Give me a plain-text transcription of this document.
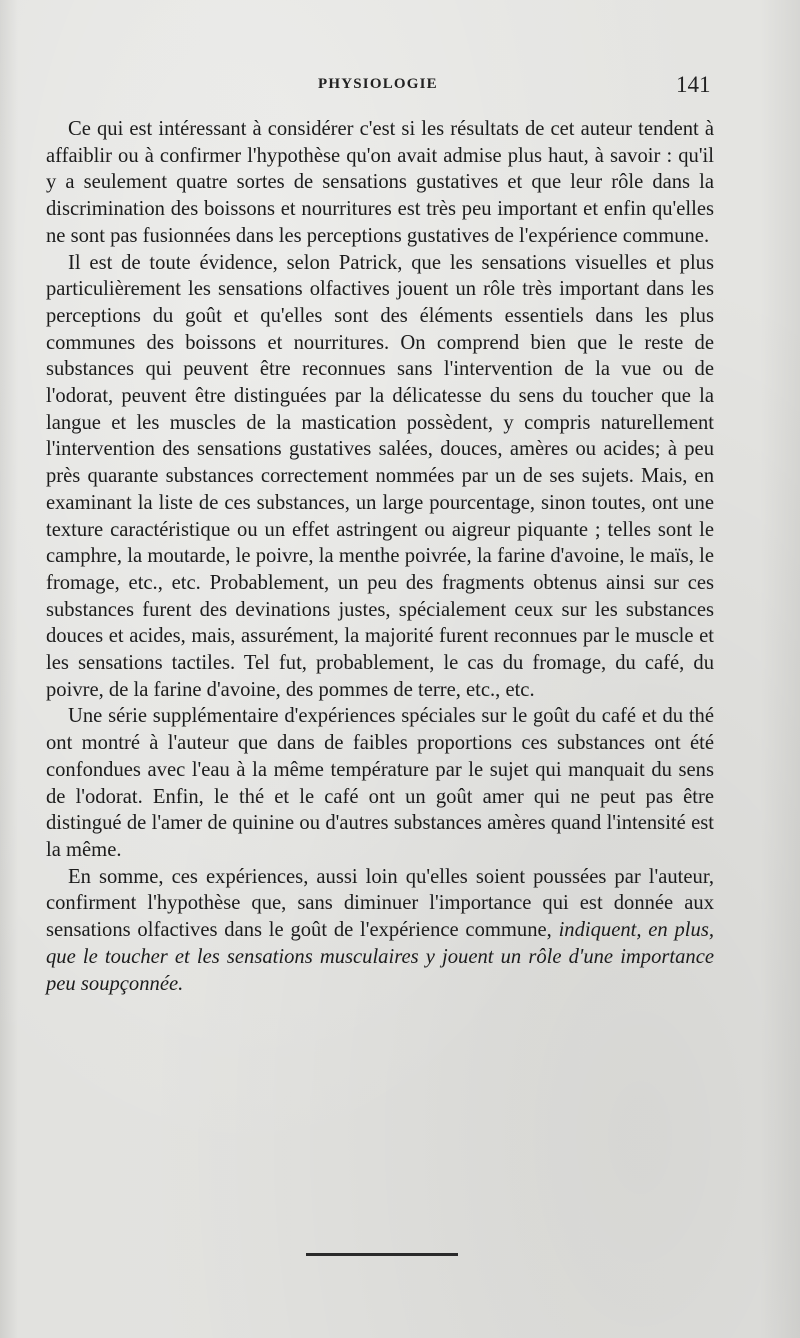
PHYSIOLOGIE	141

Ce qui est intéressant à considérer c'est si les résultats de cet auteur tendent à affaiblir ou à confirmer l'hypothèse qu'on avait admise plus haut, à savoir : qu'il y a seulement quatre sortes de sensations gustatives et que leur rôle dans la discrimination des boissons et nourritures est très peu important et enfin qu'elles ne sont pas fusionnées dans les perceptions gustatives de l'expérience commune.

Il est de toute évidence, selon Patrick, que les sensations visuelles et plus particulièrement les sensations olfactives jouent un rôle très important dans les perceptions du goût et qu'elles sont des éléments essentiels dans les plus communes des boissons et nourritures. On comprend bien que le reste de substances qui peuvent être reconnues sans l'intervention de la vue ou de l'odorat, peuvent être distinguées par la délicatesse du sens du toucher que la langue et les muscles de la mastication possèdent, y compris naturellement l'intervention des sensations gustatives salées, douces, amères ou acides; à peu près quarante substances correctement nommées par un de ses sujets. Mais, en examinant la liste de ces substances, un large pourcentage, sinon toutes, ont une texture caractéristique ou un effet astringent ou aigreur piquante ; telles sont le camphre, la moutarde, le poivre, la menthe poivrée, la farine d'avoine, le maïs, le fromage, etc., etc. Probablement, un peu des fragments obtenus ainsi sur ces substances furent des devinations justes, spécialement ceux sur les substances douces et acides, mais, assurément, la majorité furent reconnues par le muscle et les sensations tactiles. Tel fut, probablement, le cas du fromage, du café, du poivre, de la farine d'avoine, des pommes de terre, etc., etc.

Une série supplémentaire d'expériences spéciales sur le goût du café et du thé ont montré à l'auteur que dans de faibles proportions ces substances ont été confondues avec l'eau à la même température par le sujet qui manquait du sens de l'odorat. Enfin, le thé et le café ont un goût amer qui ne peut pas être distingué de l'amer de quinine ou d'autres substances amères quand l'intensité est la même.

En somme, ces expériences, aussi loin qu'elles soient poussées par l'auteur, confirment l'hypothèse que, sans diminuer l'importance qui est donnée aux sensations olfactives dans le goût de l'expérience commune, indiquent, en plus, que le toucher et les sensations musculaires y jouent un rôle d'une importance peu soupçonnée.
